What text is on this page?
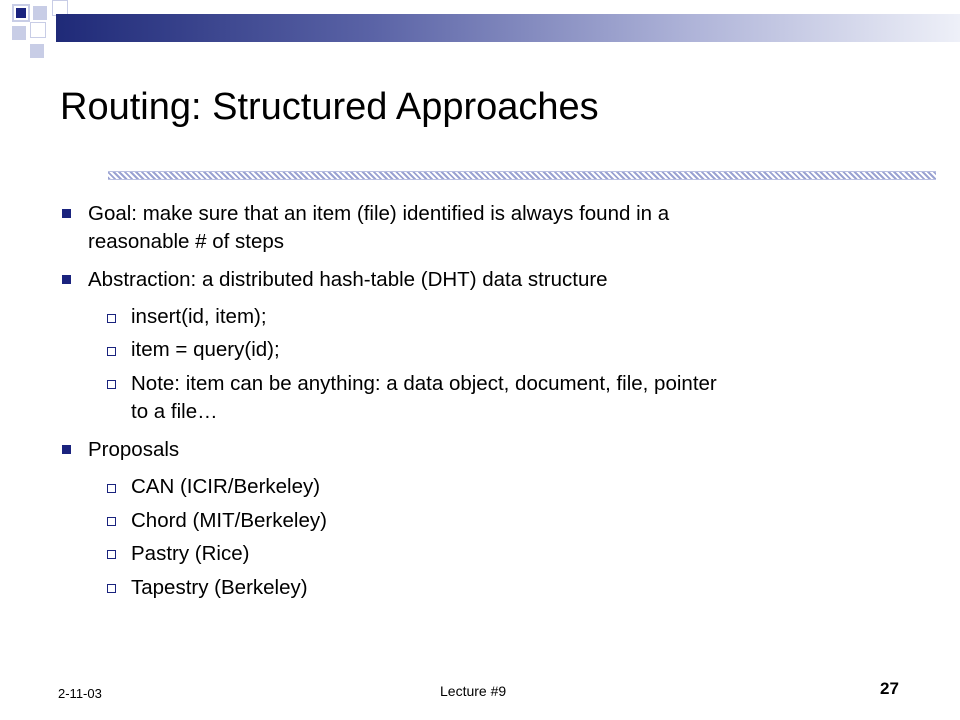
Routing: Structured Approaches
Goal: make sure that an item (file) identified is always found in a
reasonable # of steps
Abstraction: a distributed hash-table (DHT) data structure
insert(id, item);
item = query(id);
Note: item can be anything: a data object, document, file, pointer
to a file…
Proposals
CAN (ICIR/Berkeley)
Chord (MIT/Berkeley)
Pastry (Rice)
Tapestry (Berkeley)
2-11-03	Lecture #9	27
